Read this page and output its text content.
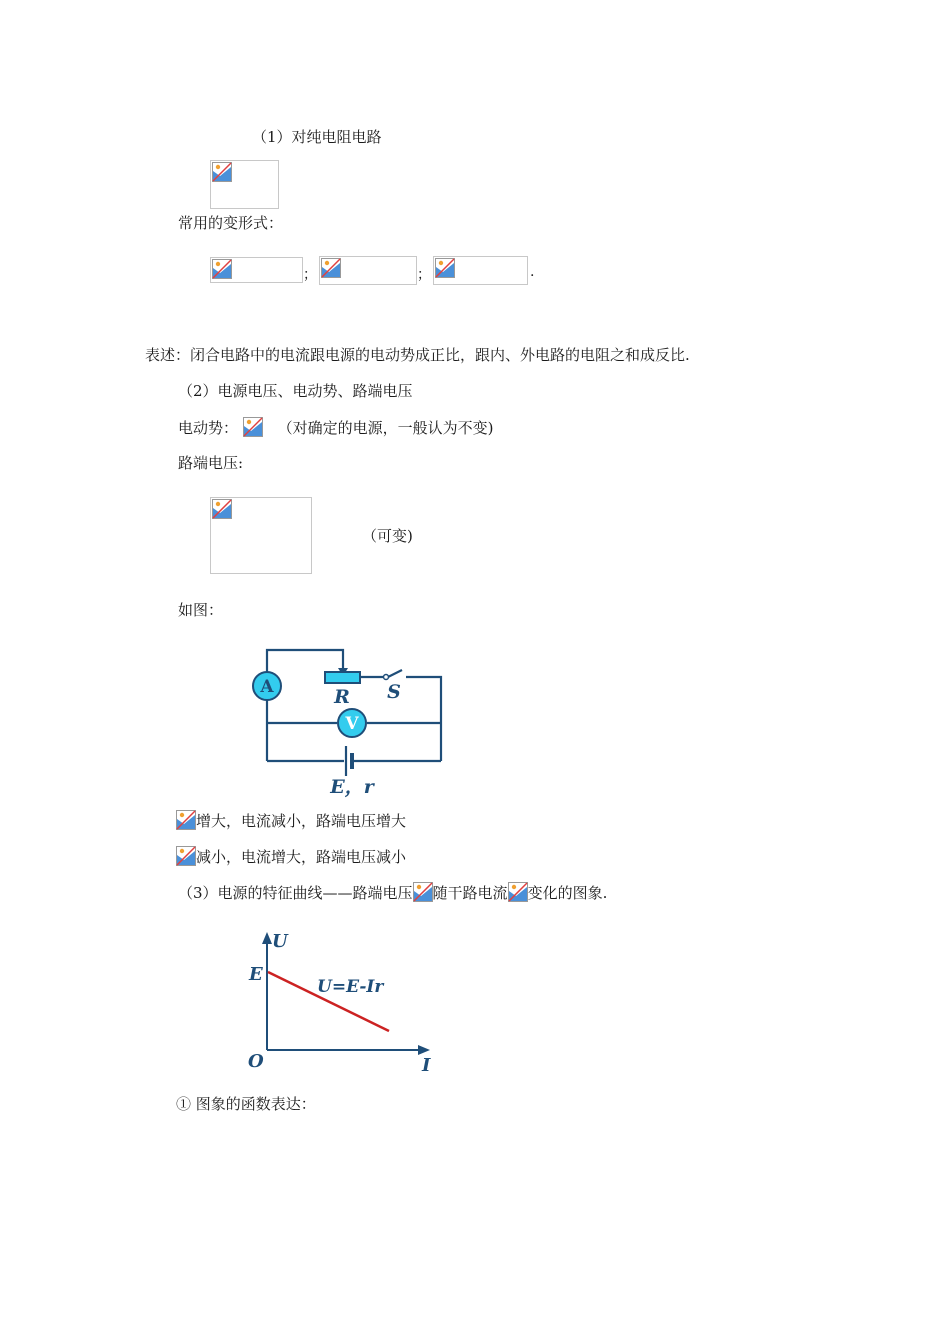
（1）对纯电阻电路
常用的变形式：
；	；	.
表述：闭合电路中的电流跟电源的电动势成正比，跟内、外电路的电阻之和成反比.
（2）电源电压、电动势、路端电压
电动势：	（对确定的电源，一般认为不变)
路端电压:
（可变)
如图：
A
V
R S
E，r
增大，电流减小，路端电压增大
减小，电流增大，路端电压减小
（3）电源的特征曲线——路端电压 随干路电流 变化的图象.
U
I
O
E
U=E-Ir
① 图象的函数表达：
